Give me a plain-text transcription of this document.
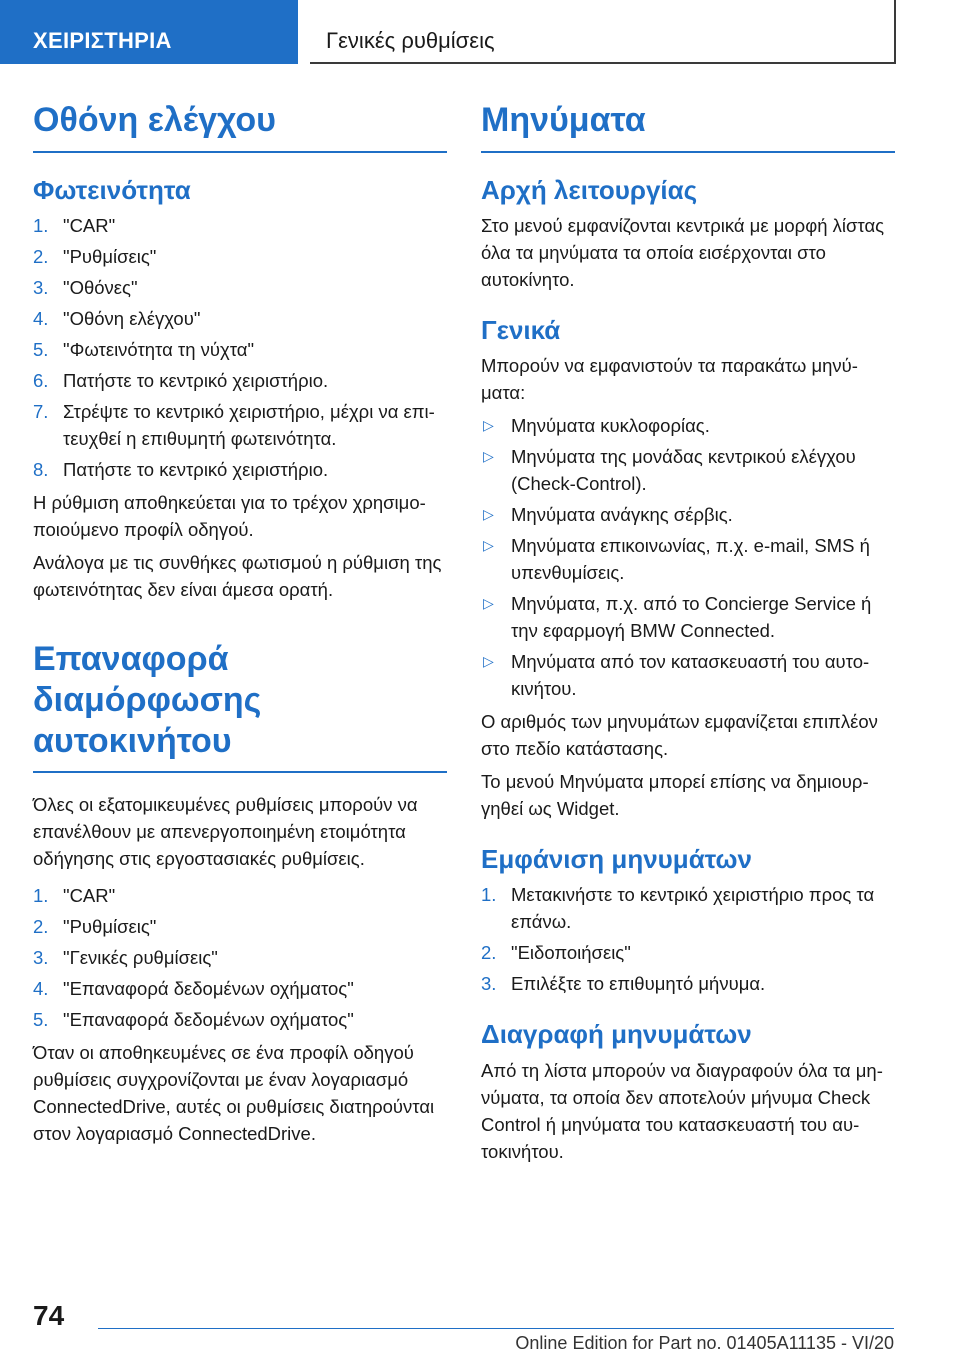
ΧΕΙΡΙΣΤΗΡΙΑ	Γενικές ρυθμίσεις
Οθόνη ελέγχου
Φωτεινότητα
1. "CAR"
2. "Ρυθμίσεις"
3. "Οθόνες"
4. "Οθόνη ελέγχου"
5. "Φωτεινότητα τη νύχτα"
6. Πατήστε το κεντρικό χειριστήριο.
7. Στρέψτε το κεντρικό χειριστήριο, μέχρι να επιτευχθεί η επιθυμητή φωτεινότητα.
8. Πατήστε το κεντρικό χειριστήριο.

Η ρύθμιση αποθηκεύεται για το τρέχον χρησιμοποιούμενο προφίλ οδηγού.

Ανάλογα με τις συνθήκες φωτισμού η ρύθμιση της φωτεινότητας δεν είναι άμεσα ορατή.

Επαναφορά διαμόρφωσης αυτοκινήτου

Όλες οι εξατομικευμένες ρυθμίσεις μπορούν να επανέλθουν με απενεργοποιημένη ετοιμότητα οδήγησης στις εργοστασιακές ρυθμίσεις.

1. "CAR"
2. "Ρυθμίσεις"
3. "Γενικές ρυθμίσεις"
4. "Επαναφορά δεδομένων οχήματος"
5. "Επαναφορά δεδομένων οχήματος"

Όταν οι αποθηκευμένες σε ένα προφίλ οδηγού ρυθμίσεις συγχρονίζονται με έναν λογαριασμό ConnectedDrive, αυτές οι ρυθμίσεις διατηρούνται στον λογαριασμό ConnectedDrive.

Μηνύματα
Αρχή λειτουργίας

Στο μενού εμφανίζονται κεντρικά με μορφή λίστας όλα τα μηνύματα τα οποία εισέρχονται στο αυτοκίνητο.

Γενικά

Μπορούν να εμφανιστούν τα παρακάτω μηνύματα:

▷ Μηνύματα κυκλοφορίας.
▷ Μηνύματα της μονάδας κεντρικού ελέγχου (Check-Control).
▷ Μηνύματα ανάγκης σέρβις.
▷ Μηνύματα επικοινωνίας, π.χ. e-mail, SMS ή υπενθυμίσεις.
▷ Μηνύματα, π.χ. από το Concierge Service ή την εφαρμογή BMW Connected.
▷ Μηνύματα από τον κατασκευαστή του αυτοκινήτου.

Ο αριθμός των μηνυμάτων εμφανίζεται επιπλέον στο πεδίο κατάστασης.

Το μενού Μηνύματα μπορεί επίσης να δημιουργηθεί ως Widget.

Εμφάνιση μηνυμάτων
1. Μετακινήστε το κεντρικό χειριστήριο προς τα επάνω.
2. "Ειδοποιήσεις"
3. Επιλέξτε το επιθυμητό μήνυμα.
Διαγραφή μηνυμάτων

Από τη λίστα μπορούν να διαγραφούν όλα τα μηνύματα, τα οποία δεν αποτελούν μήνυμα Check Control ή μηνύματα του κατασκευαστή του αυτοκινήτου.

74
Online Edition for Part no. 01405A11135 - VI/20
